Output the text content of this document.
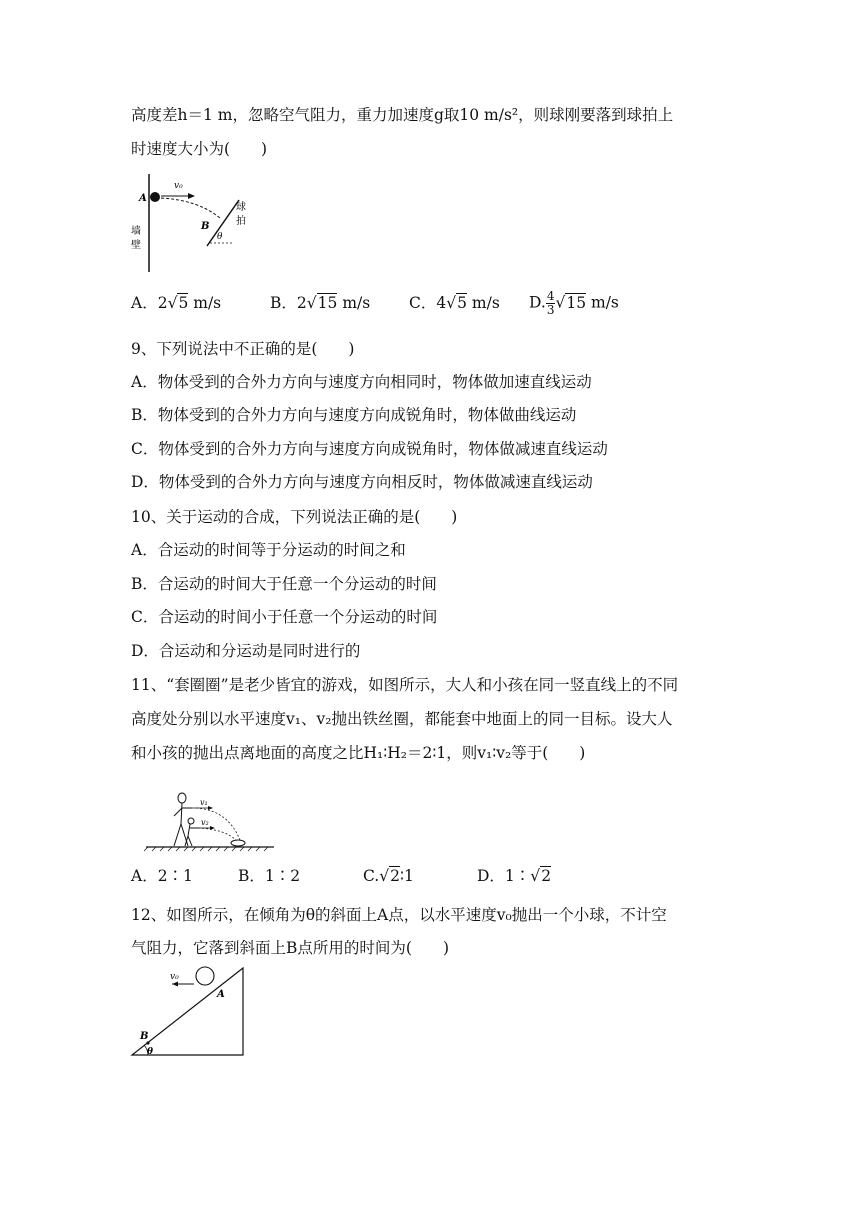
高度差h＝1 m，忽略空气阻力，重力加速度g取10 m/s²，则球刚要落到球拍上
时速度大小为(　　)
v₀
A
B
θ
墙
壁
球
拍
A．2√5 m/s	B．2√15 m/s	C．4√5 m/s D. $\frac{4}{3} √15$ m/s
9、下列说法中不正确的是(　　)
A．物体受到的合外力方向与速度方向相同时，物体做加速直线运动
B．物体受到的合外力方向与速度方向成锐角时，物体做曲线运动
C．物体受到的合外力方向与速度方向成锐角时，物体做减速直线运动
D．物体受到的合外力方向与速度方向相反时，物体做减速直线运动
10、关于运动的合成，下列说法正确的是(　　)
A．合运动的时间等于分运动的时间之和
B．合运动的时间大于任意一个分运动的时间
C．合运动的时间小于任意一个分运动的时间
D．合运动和分运动是同时进行的
11、“套圈圈”是老少皆宜的游戏，如图所示，大人和小孩在同一竖直线上的不同
高度处分别以水平速度v₁、v₂抛出铁丝圈，都能套中地面上的同一目标。设大人
和小孩的抛出点离地面的高度之比H₁∶H₂＝2∶1，则v₁∶v₂等于(　　)
v₁
v₂
A．2∶1	B．1∶2	C.√2∶1	D．1∶√2
12、如图所示，在倾角为θ的斜面上A点，以水平速度v₀抛出一个小球，不计空
气阻力，它落到斜面上B点所用的时间为(　　)
v₀
A
B
θ
